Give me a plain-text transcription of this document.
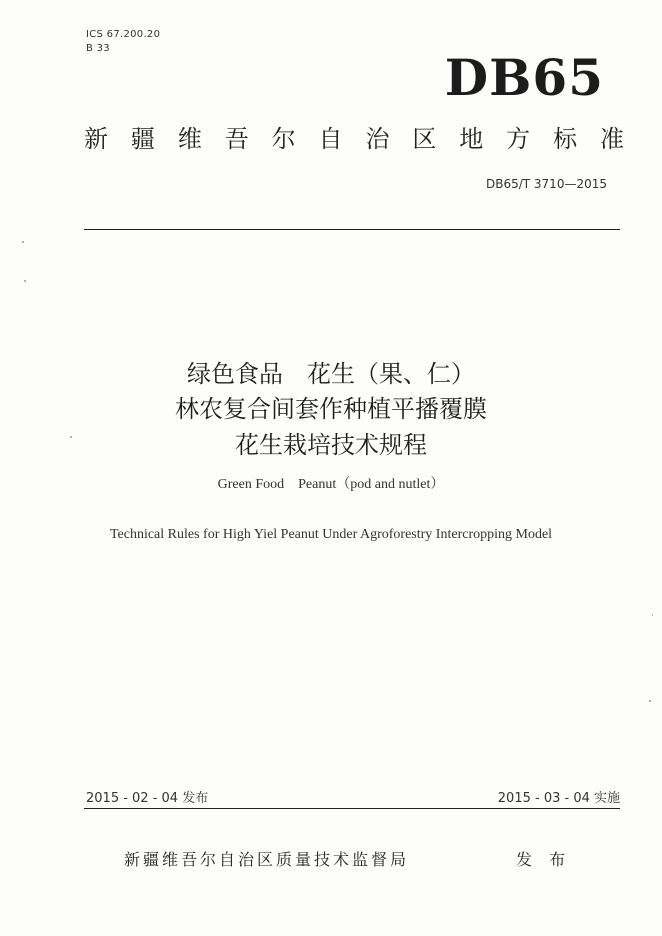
ICS 67.200.20
B 33	DB65
新疆维吾尔自治区地方标准
DB65/T 3710—2015
绿色食品　花生（果、仁）
林农复合间套作种植平播覆膜
花生栽培技术规程
Green Food　Peanut（pod and nutlet）
Technical Rules for High Yiel Peanut Under Agroforestry Intercropping Model
2015 - 02 - 04 发布	2015 - 03 - 04 实施
新疆维吾尔自治区质量技术监督局	发 布
